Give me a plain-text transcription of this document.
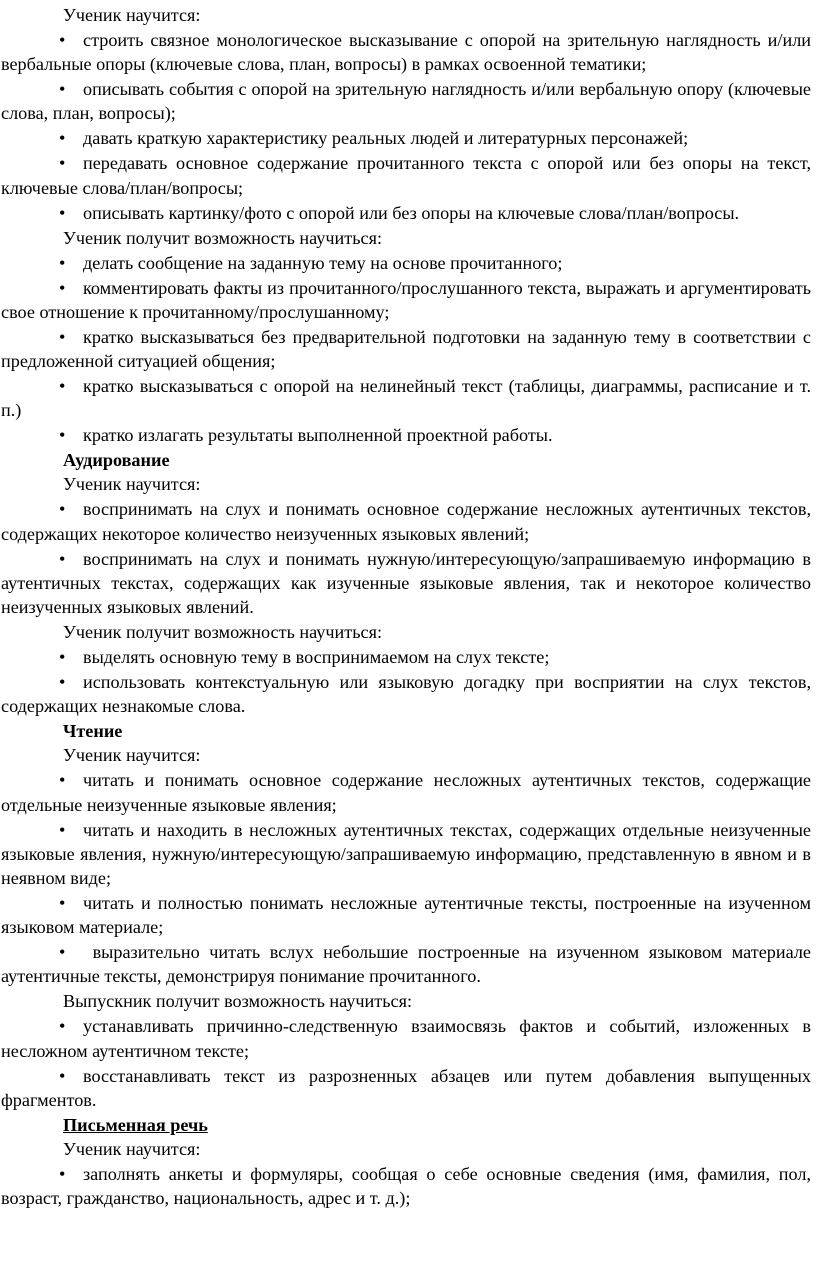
Ученик научится:
• строить связное монологическое высказывание с опорой на зрительную наглядность и/или вербальные опоры (ключевые слова, план, вопросы) в рамках освоенной тематики;
• описывать события с опорой на зрительную наглядность и/или вербальную опору (ключевые слова, план, вопросы);
• давать краткую характеристику реальных людей и литературных персонажей;
• передавать основное содержание прочитанного текста с опорой или без опоры на текст, ключевые слова/план/вопросы;
• описывать картинку/фото с опорой или без опоры на ключевые слова/план/вопросы.
Ученик получит возможность научиться:
• делать сообщение на заданную тему на основе прочитанного;
• комментировать факты из прочитанного/прослушанного текста, выражать и аргументировать свое отношение к прочитанному/прослушанному;
• кратко высказываться без предварительной подготовки на заданную тему в соответствии с предложенной ситуацией общения;
• кратко высказываться с опорой на нелинейный текст (таблицы, диаграммы, расписание и т. п.)
• кратко излагать результаты выполненной проектной работы.
Аудирование
Ученик научится:
• воспринимать на слух и понимать основное содержание несложных аутентичных текстов, содержащих некоторое количество неизученных языковых явлений;
• воспринимать на слух и понимать нужную/интересующую/запрашиваемую информацию в аутентичных текстах, содержащих как изученные языковые явления, так и некоторое количество неизученных языковых явлений.
Ученик получит возможность научиться:
• выделять основную тему в воспринимаемом на слух тексте;
• использовать контекстуальную или языковую догадку при восприятии на слух текстов, содержащих незнакомые слова.
Чтение
Ученик научится:
• читать и понимать основное содержание несложных аутентичных текстов, содержащие отдельные неизученные языковые явления;
• читать и находить в несложных аутентичных текстах, содержащих отдельные неизученные языковые явления, нужную/интересующую/запрашиваемую информацию, представленную в явном и в неявном виде;
• читать и полностью понимать несложные аутентичные тексты, построенные на изученном языковом материале;
• выразительно читать вслух небольшие построенные на изученном языковом материале аутентичные тексты, демонстрируя понимание прочитанного.
Выпускник получит возможность научиться:
• устанавливать причинно-следственную взаимосвязь фактов и событий, изложенных в несложном аутентичном тексте;
• восстанавливать текст из разрозненных абзацев или путем добавления выпущенных фрагментов.
Письменная речь
Ученик научится:
• заполнять анкеты и формуляры, сообщая о себе основные сведения (имя, фамилия, пол, возраст, гражданство, национальность, адрес и т. д.);
